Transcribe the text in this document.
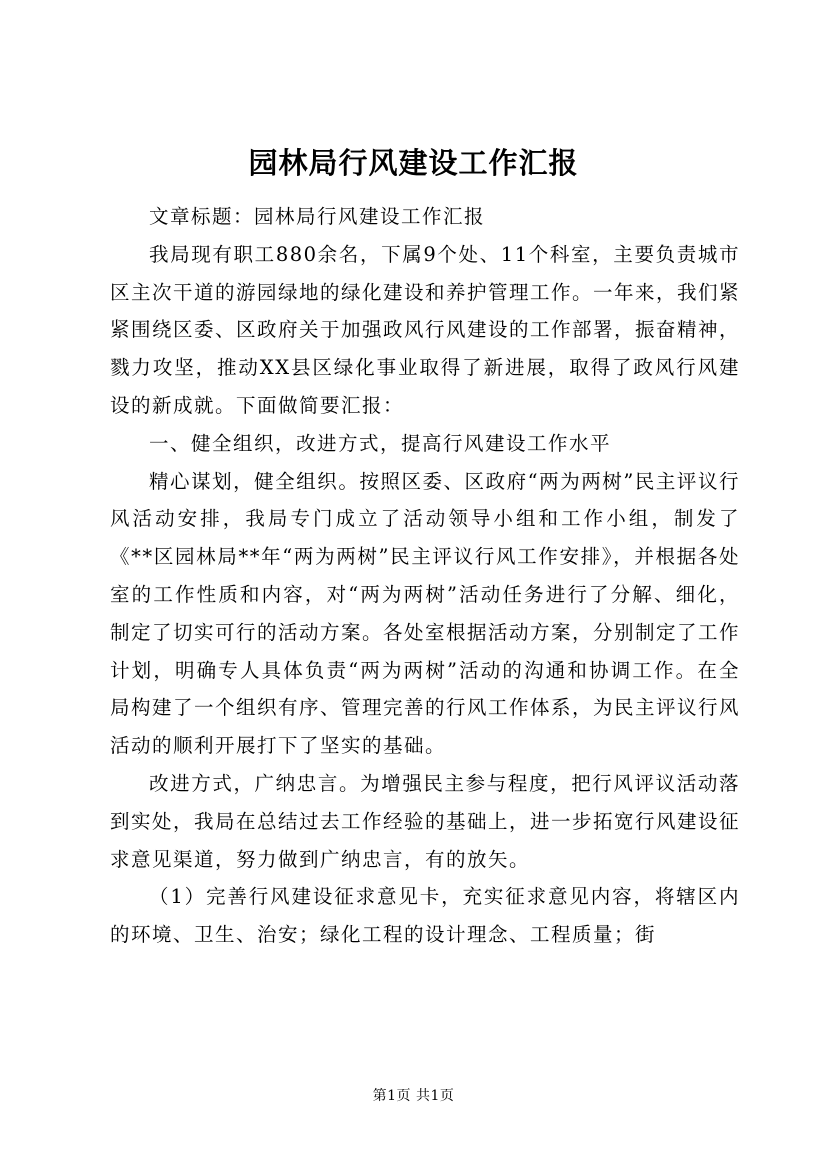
园林局行风建设工作汇报

文章标题：园林局行风建设工作汇报

我局现有职工880余名，下属9个处、11个科室，主要负责城市区主次干道的游园绿地的绿化建设和养护管理工作。一年来，我们紧紧围绕区委、区政府关于加强政风行风建设的工作部署，振奋精神，戮力攻坚，推动XX县区绿化事业取得了新进展，取得了政风行风建设的新成就。下面做简要汇报：

一、健全组织，改进方式，提高行风建设工作水平

精心谋划，健全组织。按照区委、区政府“两为两树”民主评议行风活动安排，我局专门成立了活动领导小组和工作小组，制发了《**区园林局**年“两为两树”民主评议行风工作安排》，并根据各处室的工作性质和内容，对“两为两树”活动任务进行了分解、细化，制定了切实可行的活动方案。各处室根据活动方案，分别制定了工作计划，明确专人具体负责“两为两树”活动的沟通和协调工作。在全局构建了一个组织有序、管理完善的行风工作体系，为民主评议行风活动的顺利开展打下了坚实的基础。

改进方式，广纳忠言。为增强民主参与程度，把行风评议活动落到实处，我局在总结过去工作经验的基础上，进一步拓宽行风建设征求意见渠道，努力做到广纳忠言，有的放矢。

（1）完善行风建设征求意见卡，充实征求意见内容，将辖区内的环境、卫生、治安；绿化工程的设计理念、工程质量；街

第1页 共1页
